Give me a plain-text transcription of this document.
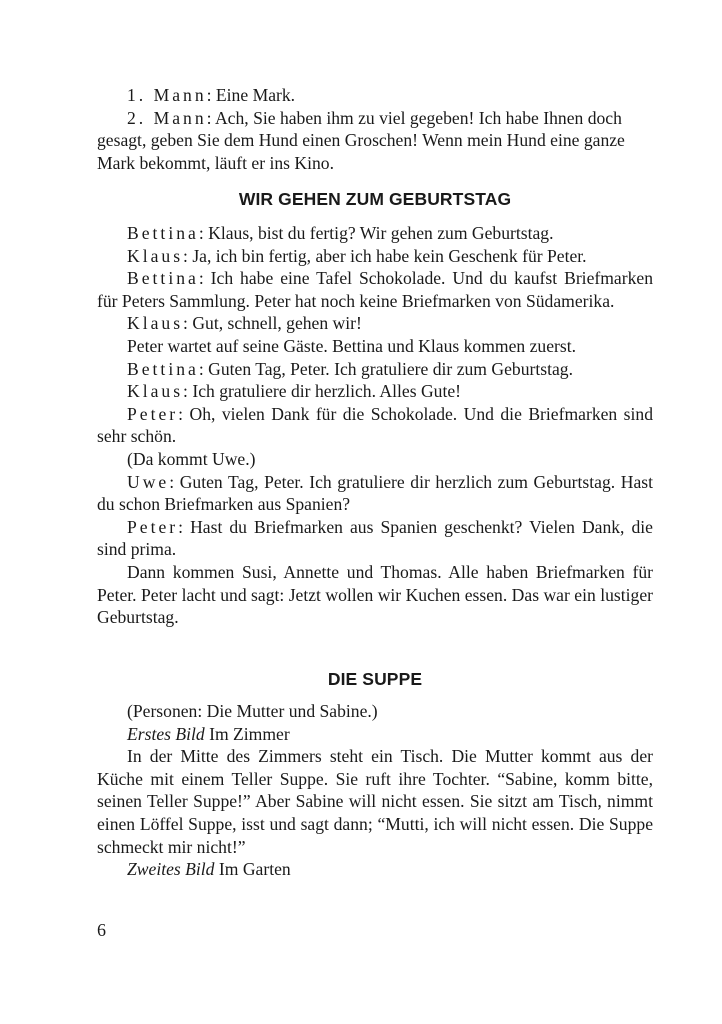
1. Mann: Eine Mark.

2. Mann: Ach, Sie haben ihm zu viel gegeben! Ich habe Ihnen doch gesagt, geben Sie dem Hund einen Groschen! Wenn mein Hund eine ganze Mark bekommt, läuft er ins Kino.

WIR GEHEN ZUM GEBURTSTAG

Bettina: Klaus, bist du fertig? Wir gehen zum Geburtstag.

Klaus: Ja, ich bin fertig, aber ich habe kein Geschenk für Peter.

Bettina: Ich habe eine Tafel Schokolade. Und du kaufst Briefmarken für Peters Sammlung. Peter hat noch keine Briefmarken von Südamerika.

Klaus: Gut, schnell, gehen wir!

Peter wartet auf seine Gäste. Bettina und Klaus kommen zuerst.

Bettina: Guten Tag, Peter. Ich gratuliere dir zum Geburtstag.

Klaus: Ich gratuliere dir herzlich. Alles Gute!

Peter: Oh, vielen Dank für die Schokolade. Und die Briefmarken sind sehr schön.

(Da kommt Uwe.)

Uwe: Guten Tag, Peter. Ich gratuliere dir herzlich zum Geburtstag. Hast du schon Briefmarken aus Spanien?

Peter: Hast du Briefmarken aus Spanien geschenkt? Vielen Dank, die sind prima.

Dann kommen Susi, Annette und Thomas. Alle haben Briefmarken für Peter. Peter lacht und sagt: Jetzt wollen wir Kuchen essen. Das war ein lustiger Geburtstag.

DIE SUPPE

(Personen: Die Mutter und Sabine.)

Erstes Bild Im Zimmer

In der Mitte des Zimmers steht ein Tisch. Die Mutter kommt aus der Küche mit einem Teller Suppe. Sie ruft ihre Tochter. “Sabine, komm bitte, seinen Teller Suppe!” Aber Sabine will nicht essen. Sie sitzt am Tisch, nimmt einen Löffel Suppe, isst und sagt dann; “Mutti, ich will nicht essen. Die Suppe schmeckt mir nicht!”

Zweites Bild Im Garten

6
